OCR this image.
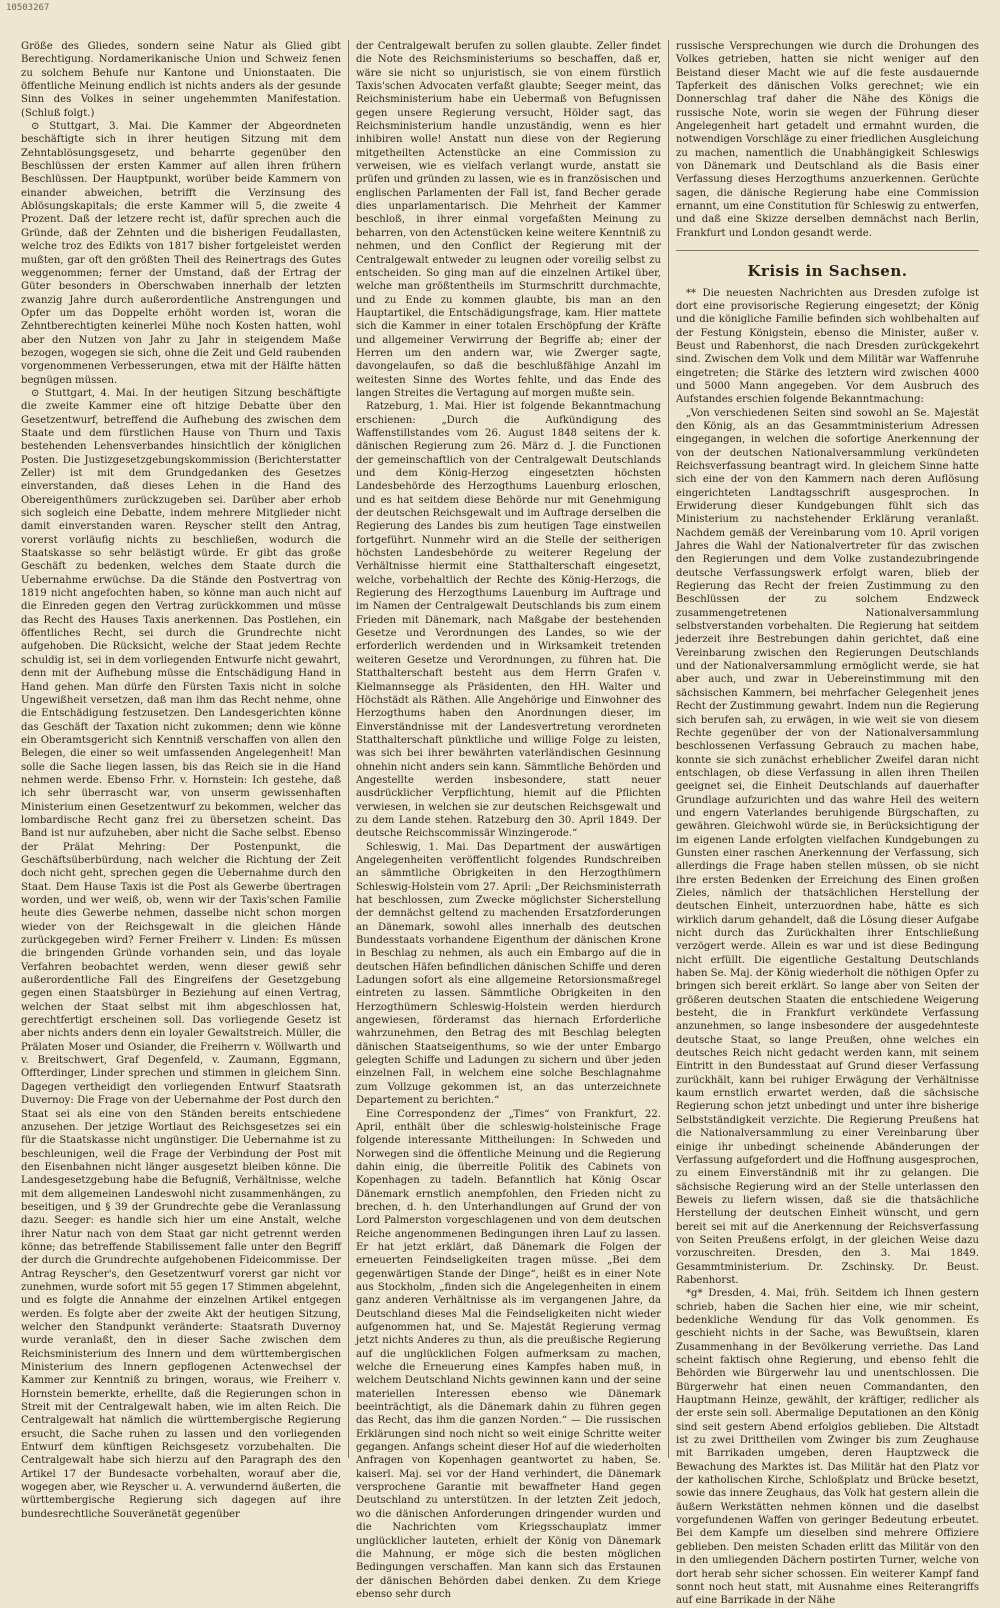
10503267

Größe des Gliedes, sondern seine Natur als Glied gibt Berechtigung. Nordamerikanische Union und Schweiz fenen zu solchem Behufe nur Kantone und Unionstaaten. Die öffentliche Meinung endlich ist nichts anders als der gesunde Sinn des Volkes in seiner ungehemmten Manifestation. (Schluß folgt.)

⊙ Stuttgart, 3. Mai. Die Kammer der Abgeordneten beschäftigte sich in ihrer heutigen Sitzung mit dem Zehntablösungsgesetz, und beharrte gegenüber den Beschlüssen der ersten Kammer auf allen ihren frühern Beschlüssen. Der Hauptpunkt, worüber beide Kammern von einander abweichen, betrifft die Verzinsung des Ablösungskapitals; die erste Kammer will 5, die zweite 4 Prozent. Daß der letzere recht ist, dafür sprechen auch die Gründe, daß der Zehnten und die bisherigen Feudallasten, welche troz des Edikts von 1817 bisher fortgeleistet werden mußten, gar oft den größten Theil des Reinertrags des Gutes weggenommen; ferner der Umstand, daß der Ertrag der Güter besonders in Oberschwaben innerhalb der letzten zwanzig Jahre durch außerordentliche Anstrengungen und Opfer um das Doppelte erhöht worden ist, woran die Zehntberechtigten keinerlei Mühe noch Kosten hatten, wohl aber den Nutzen von Jahr zu Jahr in steigendem Maße bezogen, wogegen sie sich, ohne die Zeit und Geld raubenden vorgenommenen Verbesserungen, etwa mit der Hälfte hätten begnügen müssen.

⊙ Stuttgart, 4. Mai. In der heutigen Sitzung beschäftigte die zweite Kammer eine oft hitzige Debatte über den Gesetzentwurf, betreffend die Aufhebung des zwischen dem Staate und dem fürstlichen Hause von Thurn und Taxis bestehenden Lehensverbandes hinsichtlich der königlichen Posten. Die Justizgesetzgebungskommission (Berichterstatter Zeller) ist mit dem Grundgedanken des Gesetzes einverstanden, daß dieses Lehen in die Hand des Obereigenthümers zurückzugeben sei. Darüber aber erhob sich sogleich eine Debatte, indem mehrere Mitglieder nicht damit einverstanden waren. Reyscher stellt den Antrag, vorerst vorläufig nichts zu beschließen, wodurch die Staatskasse so sehr belästigt würde. Er gibt das große Geschäft zu bedenken, welches dem Staate durch die Uebernahme erwüchse. Da die Stände den Postvertrag von 1819 nicht angefochten haben, so könne man auch nicht auf die Einreden gegen den Vertrag zurückkommen und müsse das Recht des Hauses Taxis anerkennen. Das Postlehen, ein öffentliches Recht, sei durch die Grundrechte nicht aufgehoben. Die Rücksicht, welche der Staat jedem Rechte schuldig ist, sei in dem vorliegenden Entwurfe nicht gewahrt, denn mit der Aufhebung müsse die Entschädigung Hand in Hand gehen. Man dürfe den Fürsten Taxis nicht in solche Ungewißheit versetzen, daß man ihm das Recht nehme, ohne die Entschädigung festzusetzen. Den Landesgerichten könne das Geschäft der Taxation nicht zukommen; denn wie könne ein Oberamtsgericht sich Kenntniß verschaffen von allen den Belegen, die einer so weit umfassenden Angelegenheit! Man solle die Sache liegen lassen, bis das Reich sie in die Hand nehmen werde. Ebenso Frhr. v. Hornstein: Ich gestehe, daß ich sehr überrascht war, von unserm gewissenhaften Ministerium einen Gesetzentwurf zu bekommen, welcher das lombardische Recht ganz frei zu übersetzen scheint. Das Band ist nur aufzuheben, aber nicht die Sache selbst. Ebenso der Prälat Mehring: Der Postenpunkt, die Geschäftsüberbürdung, nach welcher die Richtung der Zeit doch nicht geht, sprechen gegen die Uebernahme durch den Staat. Dem Hause Taxis ist die Post als Gewerbe übertragen worden, und wer weiß, ob, wenn wir der Taxis'schen Familie heute dies Gewerbe nehmen, dasselbe nicht schon morgen wieder von der Reichsgewalt in die gleichen Hände zurückgegeben wird? Ferner Freiherr v. Linden: Es müssen die bringenden Gründe vorhanden sein, und das loyale Verfahren beobachtet werden, wenn dieser gewiß sehr außerordentliche Fall des Eingreifens der Gesetzgebung gegen einen Staatsbürger in Beziehung auf einen Vertrag, welchen der Staat selbst mit ihm abgeschlossen hat, gerechtfertigt erscheinen soll. Das vorliegende Gesetz ist aber nichts anders denn ein loyaler Gewaltstreich. Müller, die Prälaten Moser und Osiander, die Freiherrn v. Wöllwarth und v. Breitschwert, Graf Degenfeld, v. Zaumann, Eggmann, Offterdinger, Linder sprechen und stimmen in gleichem Sinn. Dagegen vertheidigt den vorliegenden Entwurf Staatsrath Duvernoy: Die Frage von der Uebernahme der Post durch den Staat sei als eine von den Ständen bereits entschiedene anzusehen. Der jetzige Wortlaut des Reichsgesetzes sei ein für die Staatskasse nicht ungünstiger. Die Uebernahme ist zu beschleunigen, weil die Frage der Verbindung der Post mit den Eisenbahnen nicht länger ausgesetzt bleiben könne. Die Landesgesetzgebung habe die Befugniß, Verhältnisse, welche mit dem allgemeinen Landeswohl nicht zusammenhängen, zu beseitigen, und § 39 der Grundrechte gebe die Veranlassung dazu. Seeger: es handle sich hier um eine Anstalt, welche ihrer Natur nach von dem Staat gar nicht getrennt werden könne; das betreffende Stabilissement falle unter den Begriff der durch die Grundrechte aufgehobenen Fideicommisse. Der Antrag Reyscher's, den Gesetzentwurf vorerst gar nicht vor zunehmen, wurde sofort mit 55 gegen 17 Stimmen abgelehnt, und es folgte die Annahme der einzelnen Artikel entgegen werden. Es folgte aber der zweite Akt der heutigen Sitzung, welcher den Standpunkt veränderte: Staatsrath Duvernoy wurde veranlaßt, den in dieser Sache zwischen dem Reichsministerium des Innern und dem württembergischen Ministerium des Innern gepflogenen Actenwechsel der Kammer zur Kenntniß zu bringen, woraus, wie Freiherr v. Hornstein bemerkte, erhellte, daß die Regierungen schon in Streit mit der Centralgewalt haben, wie im alten Reich. Die Centralgewalt hat nämlich die württembergische Regierung ersucht, die Sache ruhen zu lassen und den vorliegenden Entwurf dem künftigen Reichsgesetz vorzubehalten. Die Centralgewalt habe sich hierzu auf den Paragraph des den Artikel 17 der Bundesacte vorbehalten, worauf aber die, wogegen aber, wie Reyscher u. A. verwundernd äußerten, die württembergische Regierung sich dagegen auf ihre bundesrechtliche Souveränetät gegenüber

der Centralgewalt berufen zu sollen glaubte. Zeller findet die Note des Reichsministeriums so beschaffen, daß er, wäre sie nicht so unjuristisch, sie von einem fürstlich Taxis'schen Advocaten verfaßt glaubte; Seeger meint, das Reichsministerium habe ein Uebermaß von Befugnissen gegen unsere Regierung versucht, Hölder sagt, das Reichsministerium handle unzuständig, wenn es hier inhibiren wolle! Anstatt nun diese von der Regierung mitgetheilten Actenstücke an eine Commission zu verweisen, wie es vielfach verlangt wurde, anstatt sie prüfen und gründen zu lassen, wie es in französischen und englischen Parlamenten der Fall ist, fand Becher gerade dies unparlamentarisch. Die Mehrheit der Kammer beschloß, in ihrer einmal vorgefaßten Meinung zu beharren, von den Actenstücken keine weitere Kenntniß zu nehmen, und den Conflict der Regierung mit der Centralgewalt entweder zu leugnen oder voreilig selbst zu entscheiden. So ging man auf die einzelnen Artikel über, welche man größtentheils im Sturmschritt durchmachte, und zu Ende zu kommen glaubte, bis man an den Hauptartikel, die Entschädigungsfrage, kam. Hier mattete sich die Kammer in einer totalen Erschöpfung der Kräfte und allgemeiner Verwirrung der Begriffe ab; einer der Herren um den andern war, wie Zwerger sagte, davongelaufen, so daß die beschlußfähige Anzahl im weitesten Sinne des Wortes fehlte, und das Ende des langen Streites die Vertagung auf morgen mußte sein.

Ratzeburg, 1. Mai. Hier ist folgende Bekanntmachung erschienen: „Durch die Aufkündigung des Waffenstillstandes vom 26. August 1848 seitens der k. dänischen Regierung zum 26. März d. J. die Functionen der gemeinschaftlich von der Centralgewalt Deutschlands und dem König-Herzog eingesetzten höchsten Landesbehörde des Herzogthums Lauenburg erloschen, und es hat seitdem diese Behörde nur mit Genehmigung der deutschen Reichsgewalt und im Auftrage derselben die Regierung des Landes bis zum heutigen Tage einstweilen fortgeführt. Nunmehr wird an die Stelle der seitherigen höchsten Landesbehörde zu weiterer Regelung der Verhältnisse hiermit eine Statthalterschaft eingesetzt, welche, vorbehaltlich der Rechte des König-Herzogs, die Regierung des Herzogthums Lauenburg im Auftrage und im Namen der Centralgewalt Deutschlands bis zum einem Frieden mit Dänemark, nach Maßgabe der bestehenden Gesetze und Verordnungen des Landes, so wie der erforderlich werdenden und in Wirksamkeit tretenden weiteren Gesetze und Verordnungen, zu führen hat. Die Statthalterschaft besteht aus dem Herrn Grafen v. Kielmannsegge als Präsidenten, den HH. Walter und Höchstädt als Räthen. Alle Angehörige und Einwohner des Herzogthums haben den Anordnungen dieser, im Einverständnisse mit der Landesvertretung verordneten Statthalterschaft pünktliche und willige Folge zu leisten, was sich bei ihrer bewährten vaterländischen Gesinnung ohnehin nicht anders sein kann. Sämmtliche Behörden und Angestellte werden insbesondere, statt neuer ausdrücklicher Verpflichtung, hiemit auf die Pflichten verwiesen, in welchen sie zur deutschen Reichsgewalt und zu dem Lande stehen. Ratzeburg den 30. April 1849. Der deutsche Reichscommissär Winzingerode.“

Schleswig, 1. Mai. Das Department der auswärtigen Angelegenheiten veröffentlicht folgendes Rundschreiben an sämmtliche Obrigkeiten in den Herzogthümern Schleswig-Holstein vom 27. April: „Der Reichsministerrath hat beschlossen, zum Zwecke möglichster Sicherstellung der demnächst geltend zu machenden Ersatzforderungen an Dänemark, sowohl alles innerhalb des deutschen Bundesstaats vorhandene Eigenthum der dänischen Krone in Beschlag zu nehmen, als auch ein Embargo auf die in deutschen Häfen befindlichen dänischen Schiffe und deren Ladungen sofort als eine allgemeine Retorsionsmaßregel eintreten zu lassen. Sämmtliche Obrigkeiten in den Herzogthümern Schleswig-Holstein werden hierdurch angewiesen, förderamst das hiernach Erforderliche wahrzunehmen, den Betrag des mit Beschlag belegten dänischen Staatseigenthums, so wie der unter Embargo gelegten Schiffe und Ladungen zu sichern und über jeden einzelnen Fall, in welchem eine solche Beschlagnahme zum Vollzuge gekommen ist, an das unterzeichnete Departement zu berichten.“

Eine Correspondenz der „Times“ von Frankfurt, 22. April, enthält über die schleswig-holsteinische Frage folgende interessante Mittheilungen: In Schweden und Norwegen sind die öffentliche Meinung und die Regierung dahin einig, die überreitle Politik des Cabinets von Kopenhagen zu tadeln. Befanntlich hat König Oscar Dänemark ernstlich anempfohlen, den Frieden nicht zu brechen, d. h. den Unterhandlungen auf Grund der von Lord Palmerston vorgeschlagenen und von dem deutschen Reiche angenommenen Bedingungen ihren Lauf zu lassen. Er hat jetzt erklärt, daß Dänemark die Folgen der erneuerten Feindseligkeiten tragen müsse. „Bei dem gegenwärtigen Stande der Dinge“, heißt es in einer Note aus Stockholm, „finden sich die Angelegenheiten in einem ganz anderen Verhältnisse als im vergangenen Jahre, da Deutschland dieses Mal die Feindseligkeiten nicht wieder aufgenommen hat, und Se. Majestät Regierung vermag jetzt nichts Anderes zu thun, als die preußische Regierung auf die unglücklichen Folgen aufmerksam zu machen, welche die Erneuerung eines Kampfes haben muß, in welchem Deutschland Nichts gewinnen kann und der seine materiellen Interessen ebenso wie Dänemark beeinträchtigt, als die Dänemark dahin zu führen gegen das Recht, das ihm die ganzen Norden.“ — Die russischen Erklärungen sind noch nicht so weit einige Schritte weiter gegangen. Anfangs scheint dieser Hof auf die wiederholten Anfragen von Kopenhagen geantwortet zu haben, Se. kaiserl. Maj. sei vor der Hand verhindert, die Dänemark versprochene Garantie mit bewaffneter Hand gegen Deutschland zu unterstützen. In der letzten Zeit jedoch, wo die dänischen Anforderungen dringender wurden und die Nachrichten vom Kriegsschauplatz immer unglücklicher lauteten, erhielt der König von Dänemark die Mahnung, er möge sich die besten möglichen Bedingungen verschaffen. Man kann sich das Erstaunen der dänischen Behörden dabei denken. Zu dem Kriege ebenso sehr durch

russische Versprechungen wie durch die Drohungen des Volkes getrieben, hatten sie nicht weniger auf den Beistand dieser Macht wie auf die feste ausdauernde Tapferkeit des dänischen Volks gerechnet; wie ein Donnerschlag traf daher die Nähe des Königs die russische Note, worin sie wegen der Führung dieser Angelegenheit hart getadelt und ermahnt wurden, die notwendigen Vorschläge zu einer friedlichen Ausgleichung zu machen, namentlich die Unabhängigkeit Schleswigs von Dänemark und Deutschland als die Basis einer Verfassung dieses Herzogthums anzuerkennen. Gerüchte sagen, die dänische Regierung habe eine Commission ernannt, um eine Constitution für Schleswig zu entwerfen, und daß eine Skizze derselben demnächst nach Berlin, Frankfurt und London gesandt werde.

Krisis in Sachsen.

** Die neuesten Nachrichten aus Dresden zufolge ist dort eine provisorische Regierung eingesetzt; der König und die königliche Familie befinden sich wohlbehalten auf der Festung Königstein, ebenso die Minister, außer v. Beust und Rabenhorst, die nach Dresden zurückgekehrt sind. Zwischen dem Volk und dem Militär war Waffenruhe eingetreten; die Stärke des letztern wird zwischen 4000 und 5000 Mann angegeben. Vor dem Ausbruch des Aufstandes erschien folgende Bekanntmachung:

„Von verschiedenen Seiten sind sowohl an Se. Majestät den König, als an das Gesammtministerium Adressen eingegangen, in welchen die sofortige Anerkennung der von der deutschen Nationalversammlung verkündeten Reichsverfassung beantragt wird. In gleichem Sinne hatte sich eine der von den Kammern nach deren Auflösung eingerichteten Landtagsschrift ausgesprochen. In Erwiderung dieser Kundgebungen fühlt sich das Ministerium zu nachstehender Erklärung veranlaßt. Nachdem gemäß der Vereinbarung vom 10. April vorigen Jahres die Wahl der Nationalvertreter für das zwischen den Regierungen und dem Volke zustandezubringende deutsche Verfassungswerk erfolgt waren, blieb der Regierung das Recht der freien Zustimmung zu den Beschlüssen der zu solchem Endzweck zusammengetretenen Nationalversammlung selbstverstanden vorbehalten. Die Regierung hat seitdem jederzeit ihre Bestrebungen dahin gerichtet, daß eine Vereinbarung zwischen den Regierungen Deutschlands und der Nationalversammlung ermöglicht werde, sie hat aber auch, und zwar in Uebereinstimmung mit den sächsischen Kammern, bei mehrfacher Gelegenheit jenes Recht der Zustimmung gewahrt. Indem nun die Regierung sich berufen sah, zu erwägen, in wie weit sie von diesem Rechte gegenüber der von der Nationalversammlung beschlossenen Verfassung Gebrauch zu machen habe, konnte sie sich zunächst erheblicher Zweifel daran nicht entschlagen, ob diese Verfassung in allen ihren Theilen geeignet sei, die Einheit Deutschlands auf dauerhafter Grundlage aufzurichten und das wahre Heil des weitern und engern Vaterlandes beruhigende Bürgschaften, zu gewähren. Gleichwohl würde sie, in Berücksichtigung der im eigenen Lande erfolgten vielfachen Kundgebungen zu Gunsten einer raschen Anerkennung der Verfassung, sich allerdings die Frage haben stellen müssen, ob sie nicht ihre ersten Bedenken der Erreichung des Einen großen Zieles, nämlich der thatsächlichen Herstellung der deutschen Einheit, unterzuordnen habe, hätte es sich wirklich darum gehandelt, daß die Lösung dieser Aufgabe nicht durch das Zurückhalten ihrer Entschließung verzögert werde. Allein es war und ist diese Bedingung nicht erfüllt. Die eigentliche Gestaltung Deutschlands haben Se. Maj. der König wiederholt die nöthigen Opfer zu bringen sich bereit erklärt. So lange aber von Seiten der größeren deutschen Staaten die entschiedene Weigerung besteht, die in Frankfurt verkündete Verfassung anzunehmen, so lange insbesondere der ausgedehnteste deutsche Staat, so lange Preußen, ohne welches ein deutsches Reich nicht gedacht werden kann, mit seinem Eintritt in den Bundesstaat auf Grund dieser Verfassung zurückhält, kann bei ruhiger Erwägung der Verhältnisse kaum ernstlich erwartet werden, daß die sächsische Regierung schon jetzt unbedingt und unter ihre bisherige Selbstständigkeit verzichte. Die Regierung Preußens hat die Nationalversammlung zu einer Vereinbarung über einige ihr unbedingt scheinende Abänderungen der Verfassung aufgefordert und die Hoffnung ausgesprochen, zu einem Einverständniß mit ihr zu gelangen. Die sächsische Regierung wird an der Stelle unterlassen den Beweis zu liefern wissen, daß sie die thatsächliche Herstellung der deutschen Einheit wünscht, und gern bereit sei mit auf die Anerkennung der Reichsverfassung von Seiten Preußens erfolgt, in der gleichen Weise dazu vorzuschreiten. Dresden, den 3. Mai 1849. Gesammtministerium. Dr. Zschinsky. Dr. Beust. Rabenhorst.

*g* Dresden, 4. Mai, früh. Seitdem ich Ihnen gestern schrieb, haben die Sachen hier eine, wie mir scheint, bedenkliche Wendung für das Volk genommen. Es geschieht nichts in der Sache, was Bewußtsein, klaren Zusammenhang in der Bevölkerung verriethe. Das Land scheint faktisch ohne Regierung, und ebenso fehlt die Behörden wie Bürgerwehr lau und unentschlossen. Die Bürgerwehr hat einen neuen Commandanten, den Hauptmann Heinze, gewählt, der kräftiger, redlicher als der erste sein soll. Abermalige Deputationen an den König sind seit gestern Abend erfolglos geblieben. Die Altstadt ist zu zwei Drittheilen vom Zwinger bis zum Zeughause mit Barrikaden umgeben, deren Hauptzweck die Bewachung des Marktes ist. Das Militär hat den Platz vor der katholischen Kirche, Schloßplatz und Brücke besetzt, sowie das innere Zeughaus, das Volk hat gestern allein die äußern Werkstätten nehmen können und die daselbst vorgefundenen Waffen von geringer Bedeutung erbeutet. Bei dem Kampfe um dieselben sind mehrere Offiziere geblieben. Den meisten Schaden erlitt das Militär von den in den umliegenden Dächern postirten Turner, welche von dort herab sehr sicher schossen. Ein weiterer Kampf fand sonnt noch heut statt, mit Ausnahme eines Reiterangriffs auf eine Barrikade in der Nähe
